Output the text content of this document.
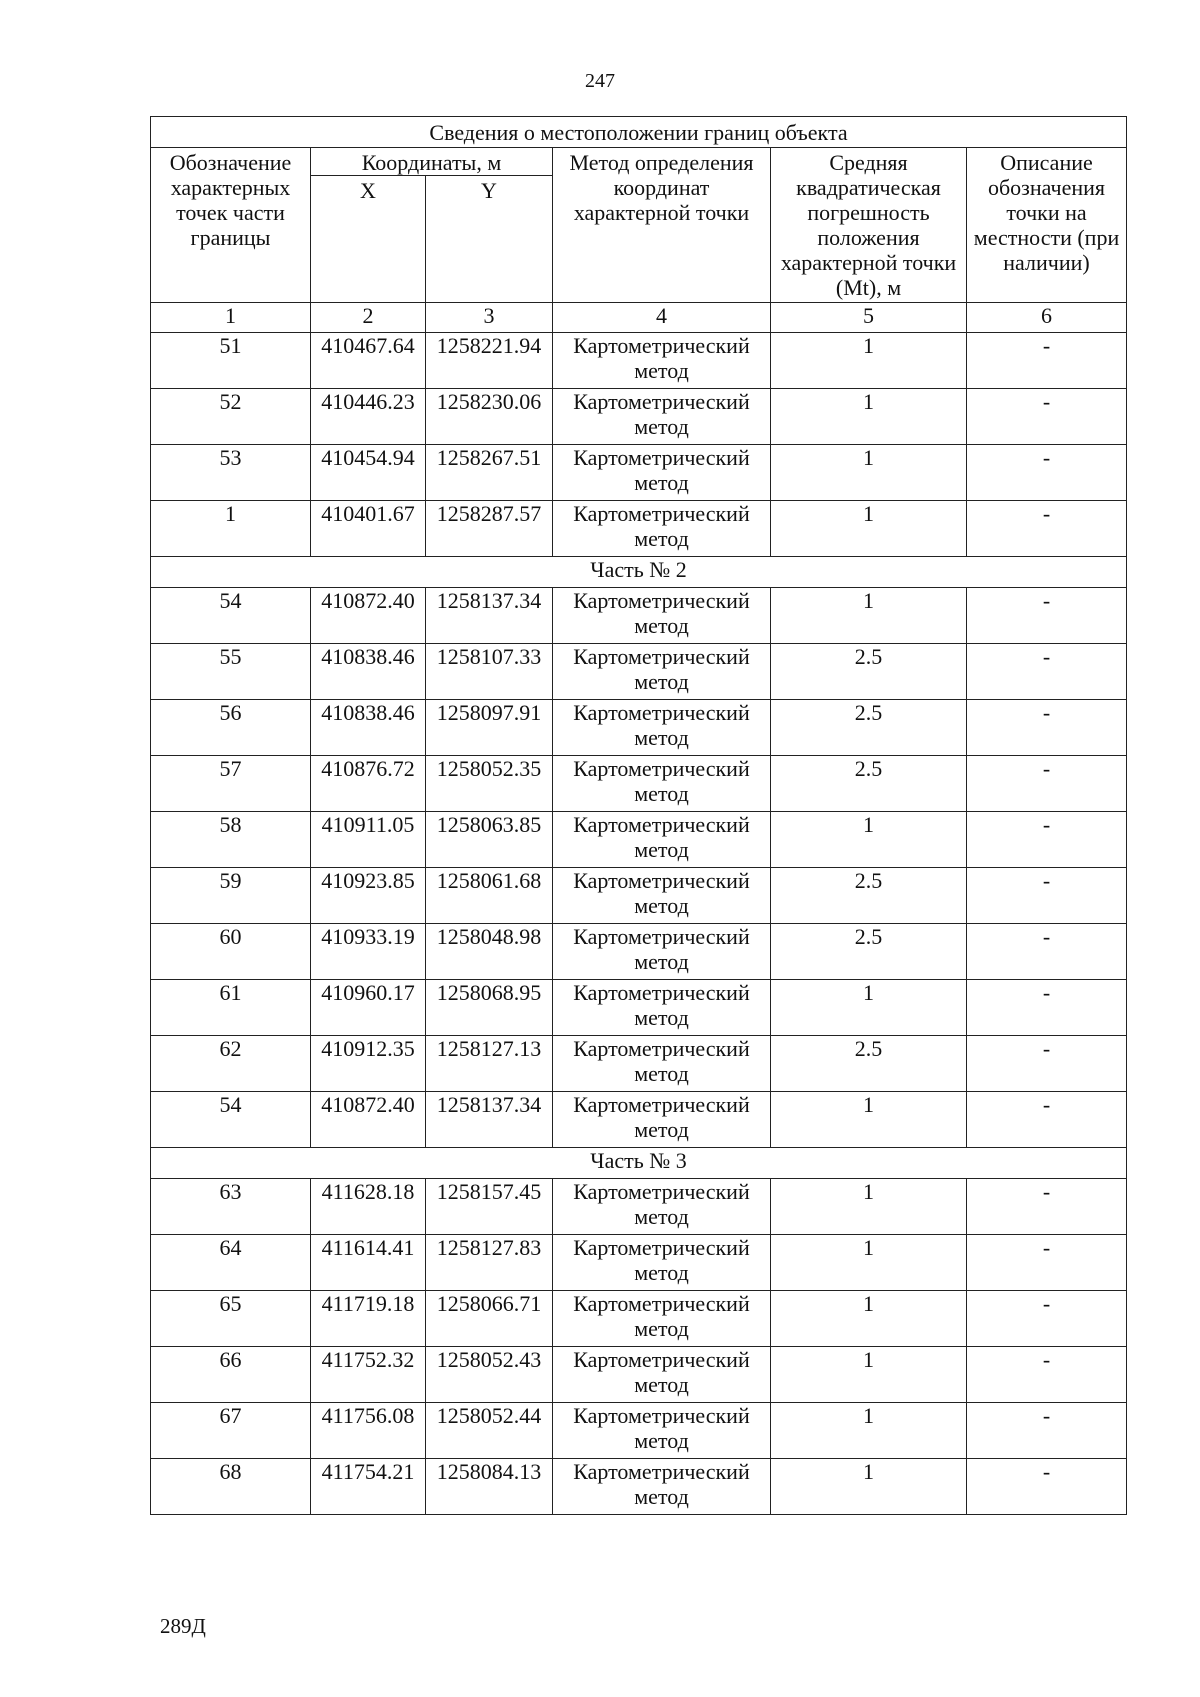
247
Сведения о местоположении границ объекта					
Обозначение характерных точек части границы	Координаты, м		Метод определения координат характерной точки	Средняя квадратическая погрешность положения характерной точки (Mt), м	Описание обозначения точки на местности (при наличии)
	X	Y			
1	2	3	4	5	6
51	410467.64	1258221.94	Картометрический метод	1	-
52	410446.23	1258230.06	Картометрический метод	1	-
53	410454.94	1258267.51	Картометрический метод	1	-
1	410401.67	1258287.57	Картометрический метод	1	-
Часть № 2					
54	410872.40	1258137.34	Картометрический метод	1	-
55	410838.46	1258107.33	Картометрический метод	2.5	-
56	410838.46	1258097.91	Картометрический метод	2.5	-
57	410876.72	1258052.35	Картометрический метод	2.5	-
58	410911.05	1258063.85	Картометрический метод	1	-
59	410923.85	1258061.68	Картометрический метод	2.5	-
60	410933.19	1258048.98	Картометрический метод	2.5	-
61	410960.17	1258068.95	Картометрический метод	1	-
62	410912.35	1258127.13	Картометрический метод	2.5	-
54	410872.40	1258137.34	Картометрический метод	1	-
Часть № 3					
63	411628.18	1258157.45	Картометрический метод	1	-
64	411614.41	1258127.83	Картометрический метод	1	-
65	411719.18	1258066.71	Картометрический метод	1	-
66	411752.32	1258052.43	Картометрический метод	1	-
67	411756.08	1258052.44	Картометрический метод	1	-
68	411754.21	1258084.13	Картометрический метод	1	-
289Д
